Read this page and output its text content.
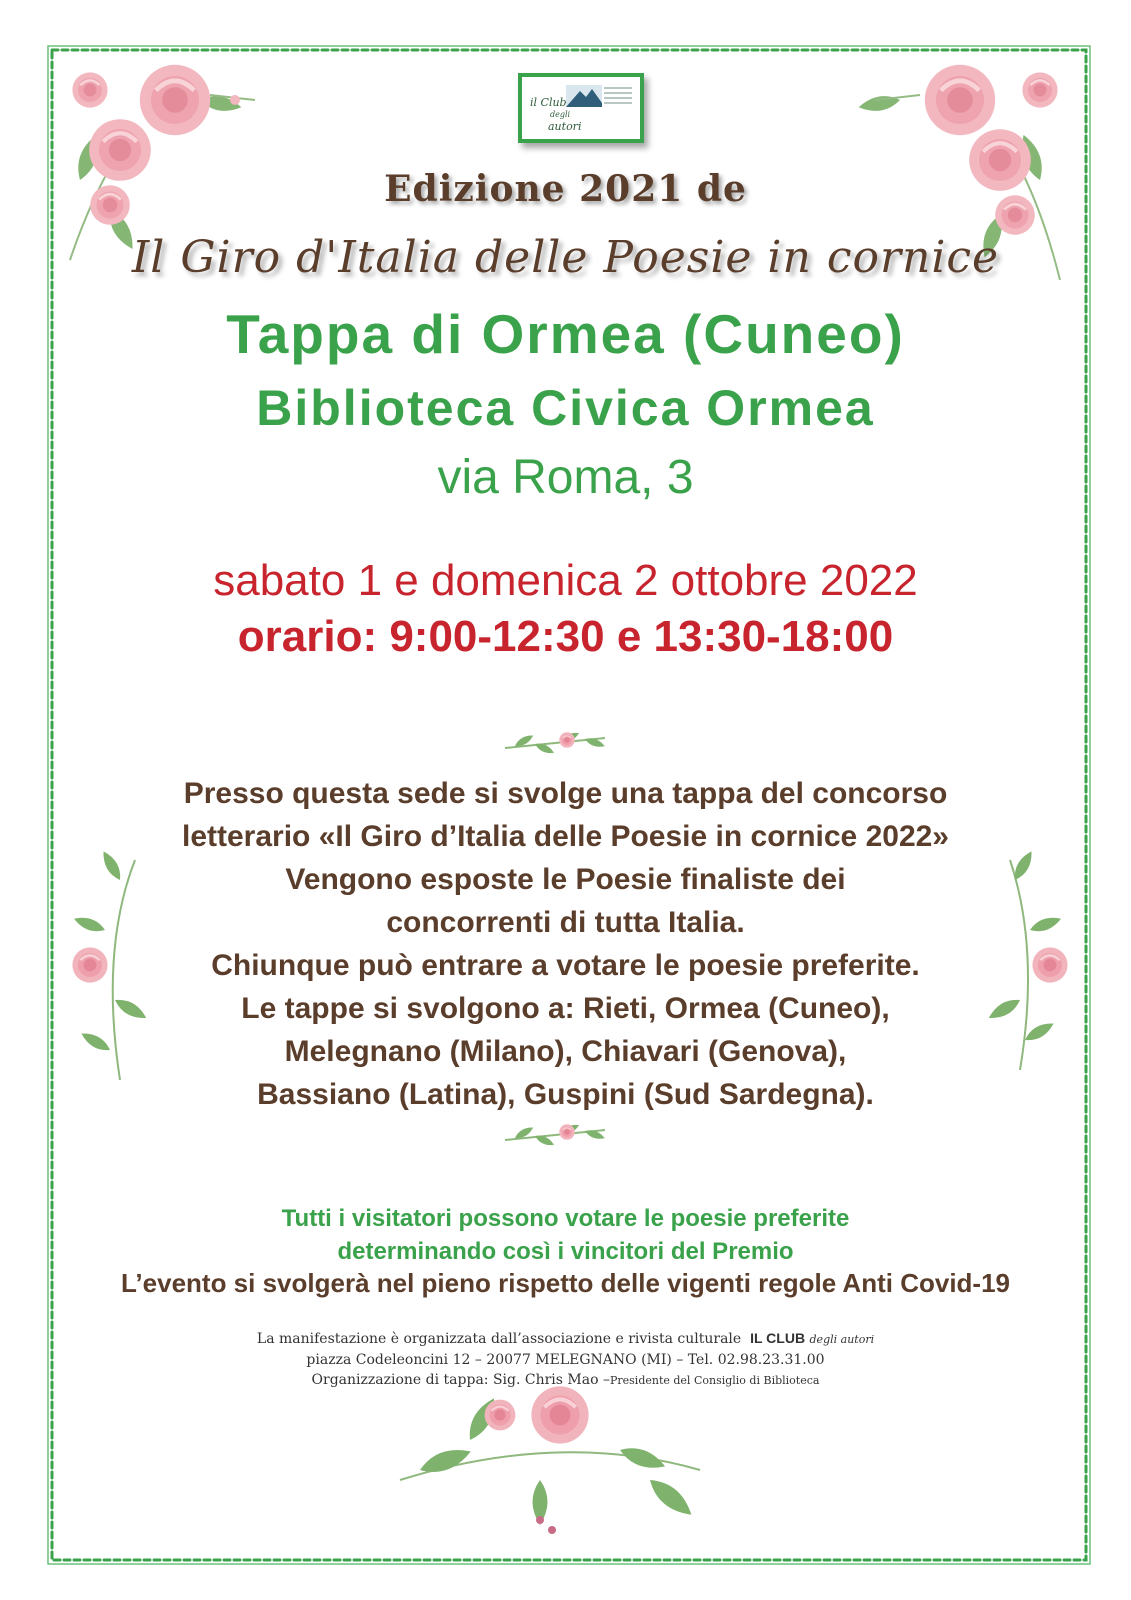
il Club
degli
autori
Edizione 2021 de
Il Giro d'Italia delle Poesie in cornice
Tappa di Ormea (Cuneo)
Biblioteca Civica Ormea
via Roma, 3
sabato 1 e domenica 2 ottobre 2022
orario: 9:00-12:30 e 13:30-18:00
Presso questa sede si svolge una tappa del concorso
letterario «Il Giro d’Italia delle Poesie in cornice 2022»
Vengono esposte le Poesie finaliste dei
concorrenti di tutta Italia.
Chiunque può entrare a votare le poesie preferite.
Le tappe si svolgono a: Rieti, Ormea (Cuneo),
Melegnano (Milano), Chiavari (Genova),
Bassiano (Latina), Guspini (Sud Sardegna).
Tutti i visitatori possono votare le poesie preferite
determinando così i vincitori del Premio
L’evento si svolgerà nel pieno rispetto delle vigenti regole Anti Covid-19
La manifestazione è organizzata dall’associazione e rivista culturale IL CLUB degli autori
piazza Codeleoncini 12 – 20077 MELEGNANO (MI) – Tel. 02.98.23.31.00
Organizzazione di tappa: Sig. Chris Mao –Presidente del Consiglio di Biblioteca
